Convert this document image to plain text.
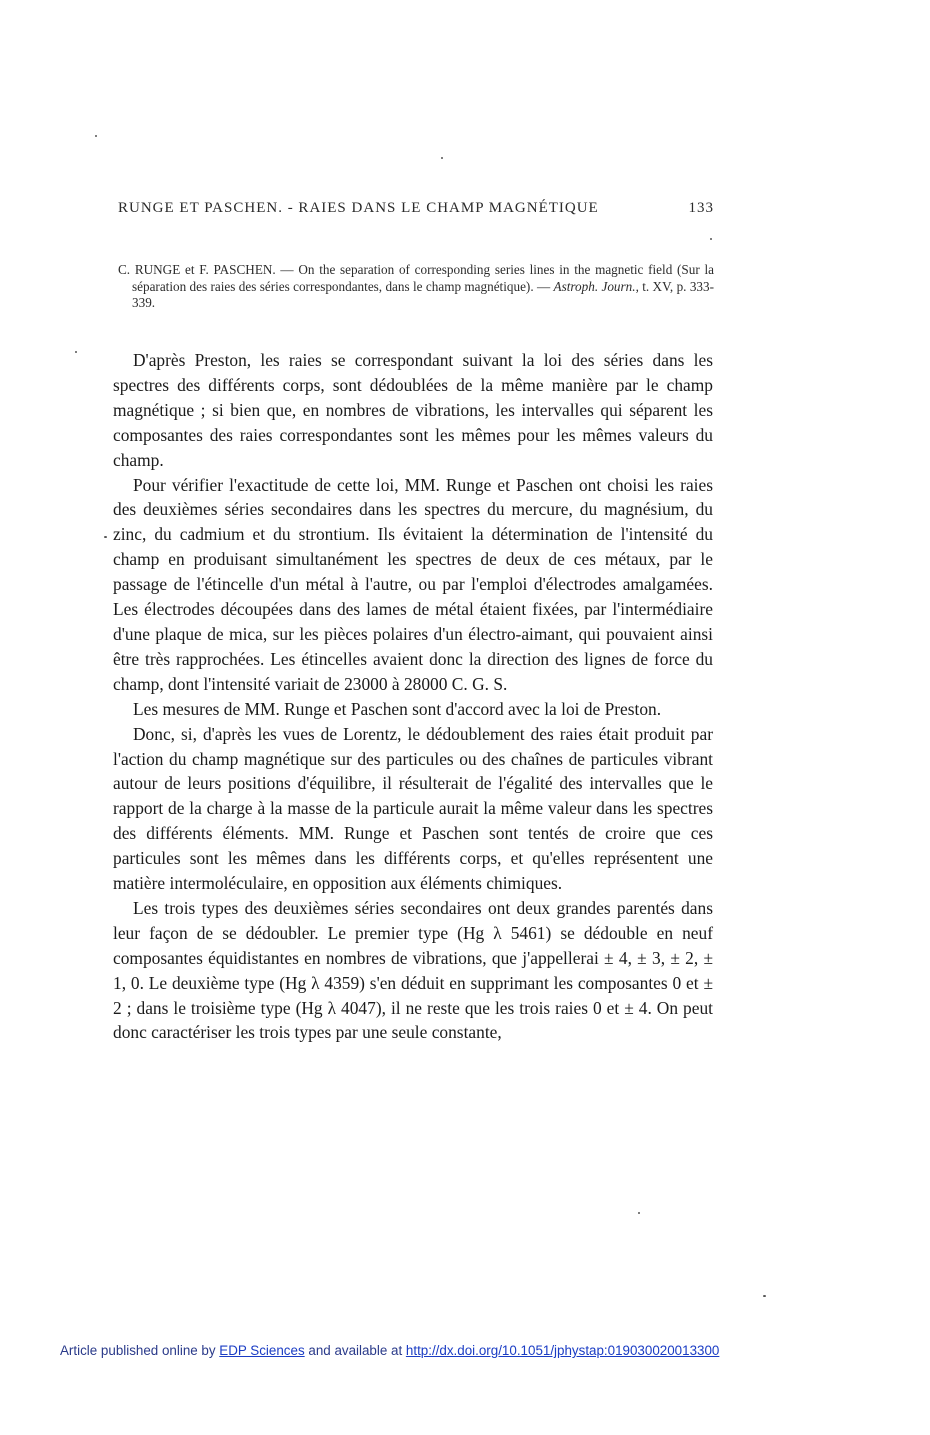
RUNGE ET PASCHEN. - RAIES DANS LE CHAMP MAGNÉTIQUE	133

C. RUNGE et F. PASCHEN. — On the separation of corresponding series lines in the magnetic field (Sur la séparation des raies des séries correspondantes, dans le champ magnétique). — Astroph. Journ., t. XV, p. 333-339.

D'après Preston, les raies se correspondant suivant la loi des séries dans les spectres des différents corps, sont dédoublées de la même manière par le champ magnétique ; si bien que, en nombres de vibrations, les intervalles qui séparent les composantes des raies correspondantes sont les mêmes pour les mêmes valeurs du champ.

Pour vérifier l'exactitude de cette loi, MM. Runge et Paschen ont choisi les raies des deuxièmes séries secondaires dans les spectres du mercure, du magnésium, du zinc, du cadmium et du strontium. Ils évitaient la détermination de l'intensité du champ en produisant simultanément les spectres de deux de ces métaux, par le passage de l'étincelle d'un métal à l'autre, ou par l'emploi d'électrodes amalgamées. Les électrodes découpées dans des lames de métal étaient fixées, par l'intermédiaire d'une plaque de mica, sur les pièces polaires d'un électro-aimant, qui pouvaient ainsi être très rapprochées. Les étincelles avaient donc la direction des lignes de force du champ, dont l'intensité variait de 23000 à 28000 C. G. S.

Les mesures de MM. Runge et Paschen sont d'accord avec la loi de Preston.

Donc, si, d'après les vues de Lorentz, le dédoublement des raies était produit par l'action du champ magnétique sur des particules ou des chaînes de particules vibrant autour de leurs positions d'équilibre, il résulterait de l'égalité des intervalles que le rapport de la charge à la masse de la particule aurait la même valeur dans les spectres des différents éléments. MM. Runge et Paschen sont tentés de croire que ces particules sont les mêmes dans les différents corps, et qu'elles représentent une matière intermoléculaire, en opposition aux éléments chimiques.

Les trois types des deuxièmes séries secondaires ont deux grandes parentés dans leur façon de se dédoubler. Le premier type (Hg λ 5461) se dédouble en neuf composantes équidistantes en nombres de vibrations, que j'appellerai ± 4, ± 3, ± 2, ± 1, 0. Le deuxième type (Hg λ 4359) s'en déduit en supprimant les composantes 0 et ± 2 ; dans le troisième type (Hg λ 4047), il ne reste que les trois raies 0 et ± 4. On peut donc caractériser les trois types par une seule constante,

Article published online by EDP Sciences and available at http://dx.doi.org/10.1051/jphystap:019030020013300
